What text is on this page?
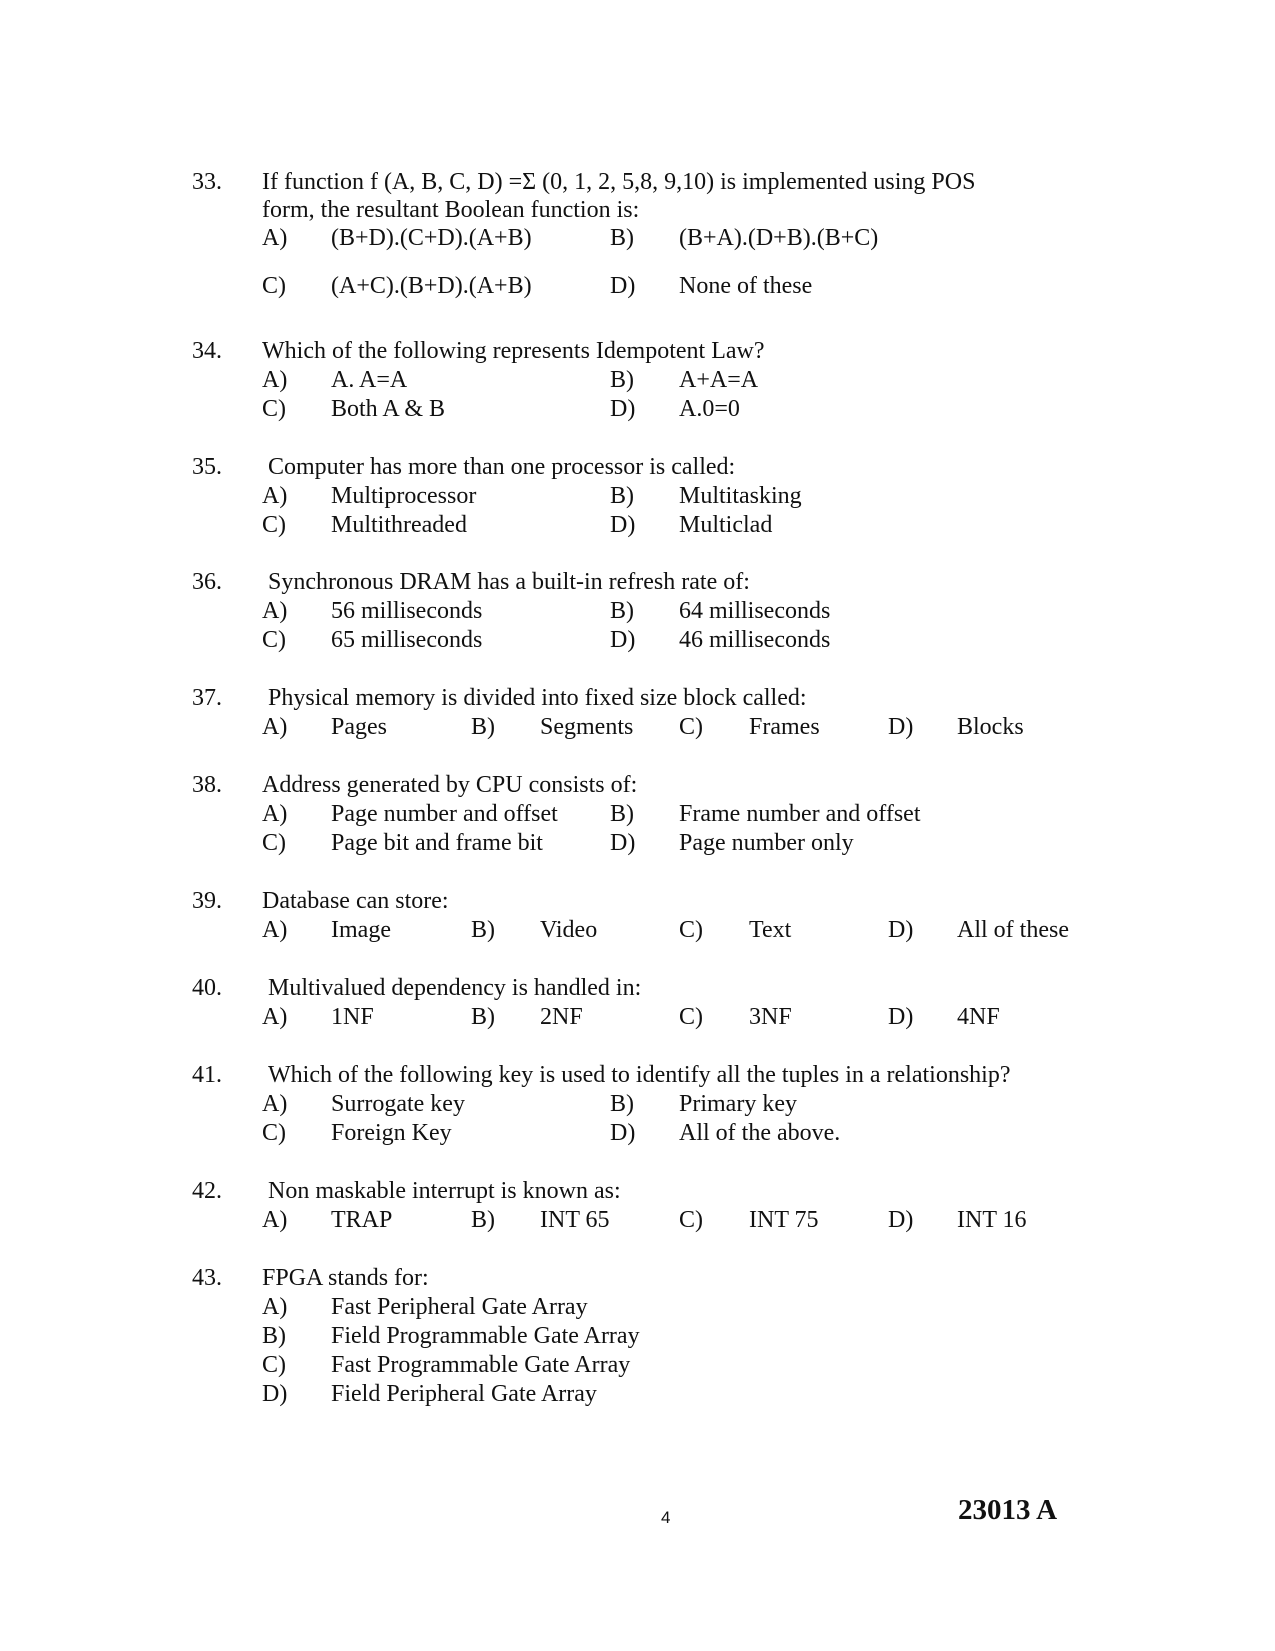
33. If function f (A, B, C, D) =Σ (0, 1, 2, 5,8, 9,10) is implemented using POS
form, the resultant Boolean function is:
A) (B+D).(C+D).(A+B)	B) (B+A).(D+B).(B+C)
C) (A+C).(B+D).(A+B)	D) None of these
34. Which of the following represents Idempotent Law?
A) A. A=A	B) A+A=A
C) Both A & B	D) A.0=0
35. Computer has more than one processor is called:
A) Multiprocessor	B) Multitasking
C) Multithreaded	D) Multiclad
36. Synchronous DRAM has a built-in refresh rate of:
A) 56 milliseconds	B) 64 milliseconds
C) 65 milliseconds	D) 46 milliseconds
37. Physical memory is divided into fixed size block called:
A) Pages	B) Segments C) Frames	D) Blocks
38. Address generated by CPU consists of:
A) Page number and offset B) Frame number and offset
C) Page bit and frame bit	D) Page number only
39. Database can store:
A) Image	B) Video	C) Text	D) All of these
40. Multivalued dependency is handled in:
A) 1NF	B) 2NF	C) 3NF	D) 4NF
41. Which of the following key is used to identify all the tuples in a relationship?
A) Surrogate key	B) Primary key
C) Foreign Key	D) All of the above.
42. Non maskable interrupt is known as:
A) TRAP	B) INT 65	C) INT 75	D) INT 16
43. FPGA stands for:
A) Fast Peripheral Gate Array
B) Field Programmable Gate Array
C) Fast Programmable Gate Array
D) Field Peripheral Gate Array
4	23013 A
